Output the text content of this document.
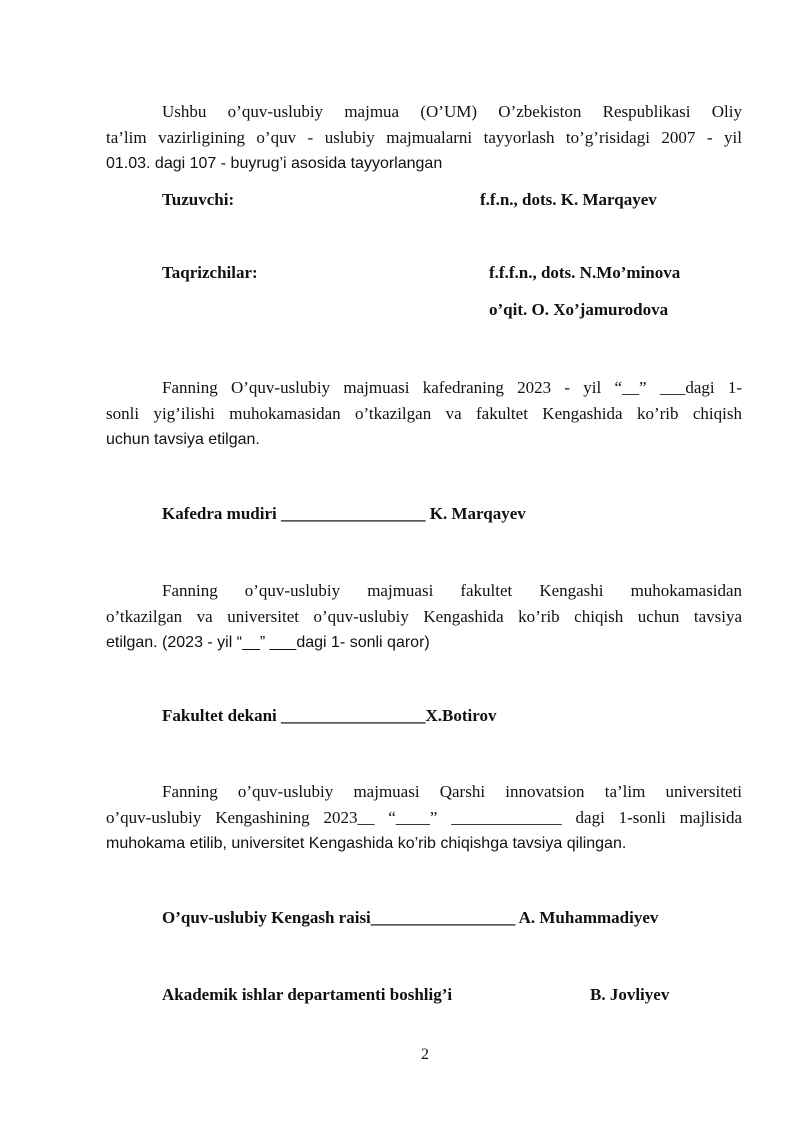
Ushbu o’quv-uslubiy majmua (O’UM) O’zbekiston Respublikasi Oliy
ta’lim vazirligining o’quv - uslubiy majmualarni tayyorlash to’g’risidagi 2007 - yil
01.03. dagi 107 - buyrug’i asosida tayyorlangan
Tuzuvchi:	f.f.n., dots. K. Marqayev
Taqrizchilar:	f.f.f.n., dots. N.Mo’minova
o’qit. O. Xo’jamurodova
Fanning O’quv-uslubiy majmuasi kafedraning 2023 - yil “__” ___dagi 1-
sonli yig’ilishi muhokamasidan o’tkazilgan va fakultet Kengashida ko’rib chiqish
uchun tavsiya etilgan.
Kafedra mudiri _________________ K. Marqayev
Fanning o’quv-uslubiy majmuasi fakultet Kengashi muhokamasidan
o’tkazilgan va universitet o’quv-uslubiy Kengashida ko’rib chiqish uchun tavsiya
etilgan. (2023 - yil “__” ___dagi 1- sonli qaror)
Fakultet dekani _________________X.Botirov
Fanning o’quv-uslubiy majmuasi Qarshi innovatsion ta’lim universiteti
o’quv-uslubiy Kengashining 2023__ “____” _____________ dagi 1-sonli majlisida
muhokama etilib, universitet Kengashida ko’rib chiqishga tavsiya qilingan.
O’quv-uslubiy Kengash raisi_________________ A. Muhammadiyev
Akademik ishlar departamenti boshlig’i	B. Jovliyev
2
